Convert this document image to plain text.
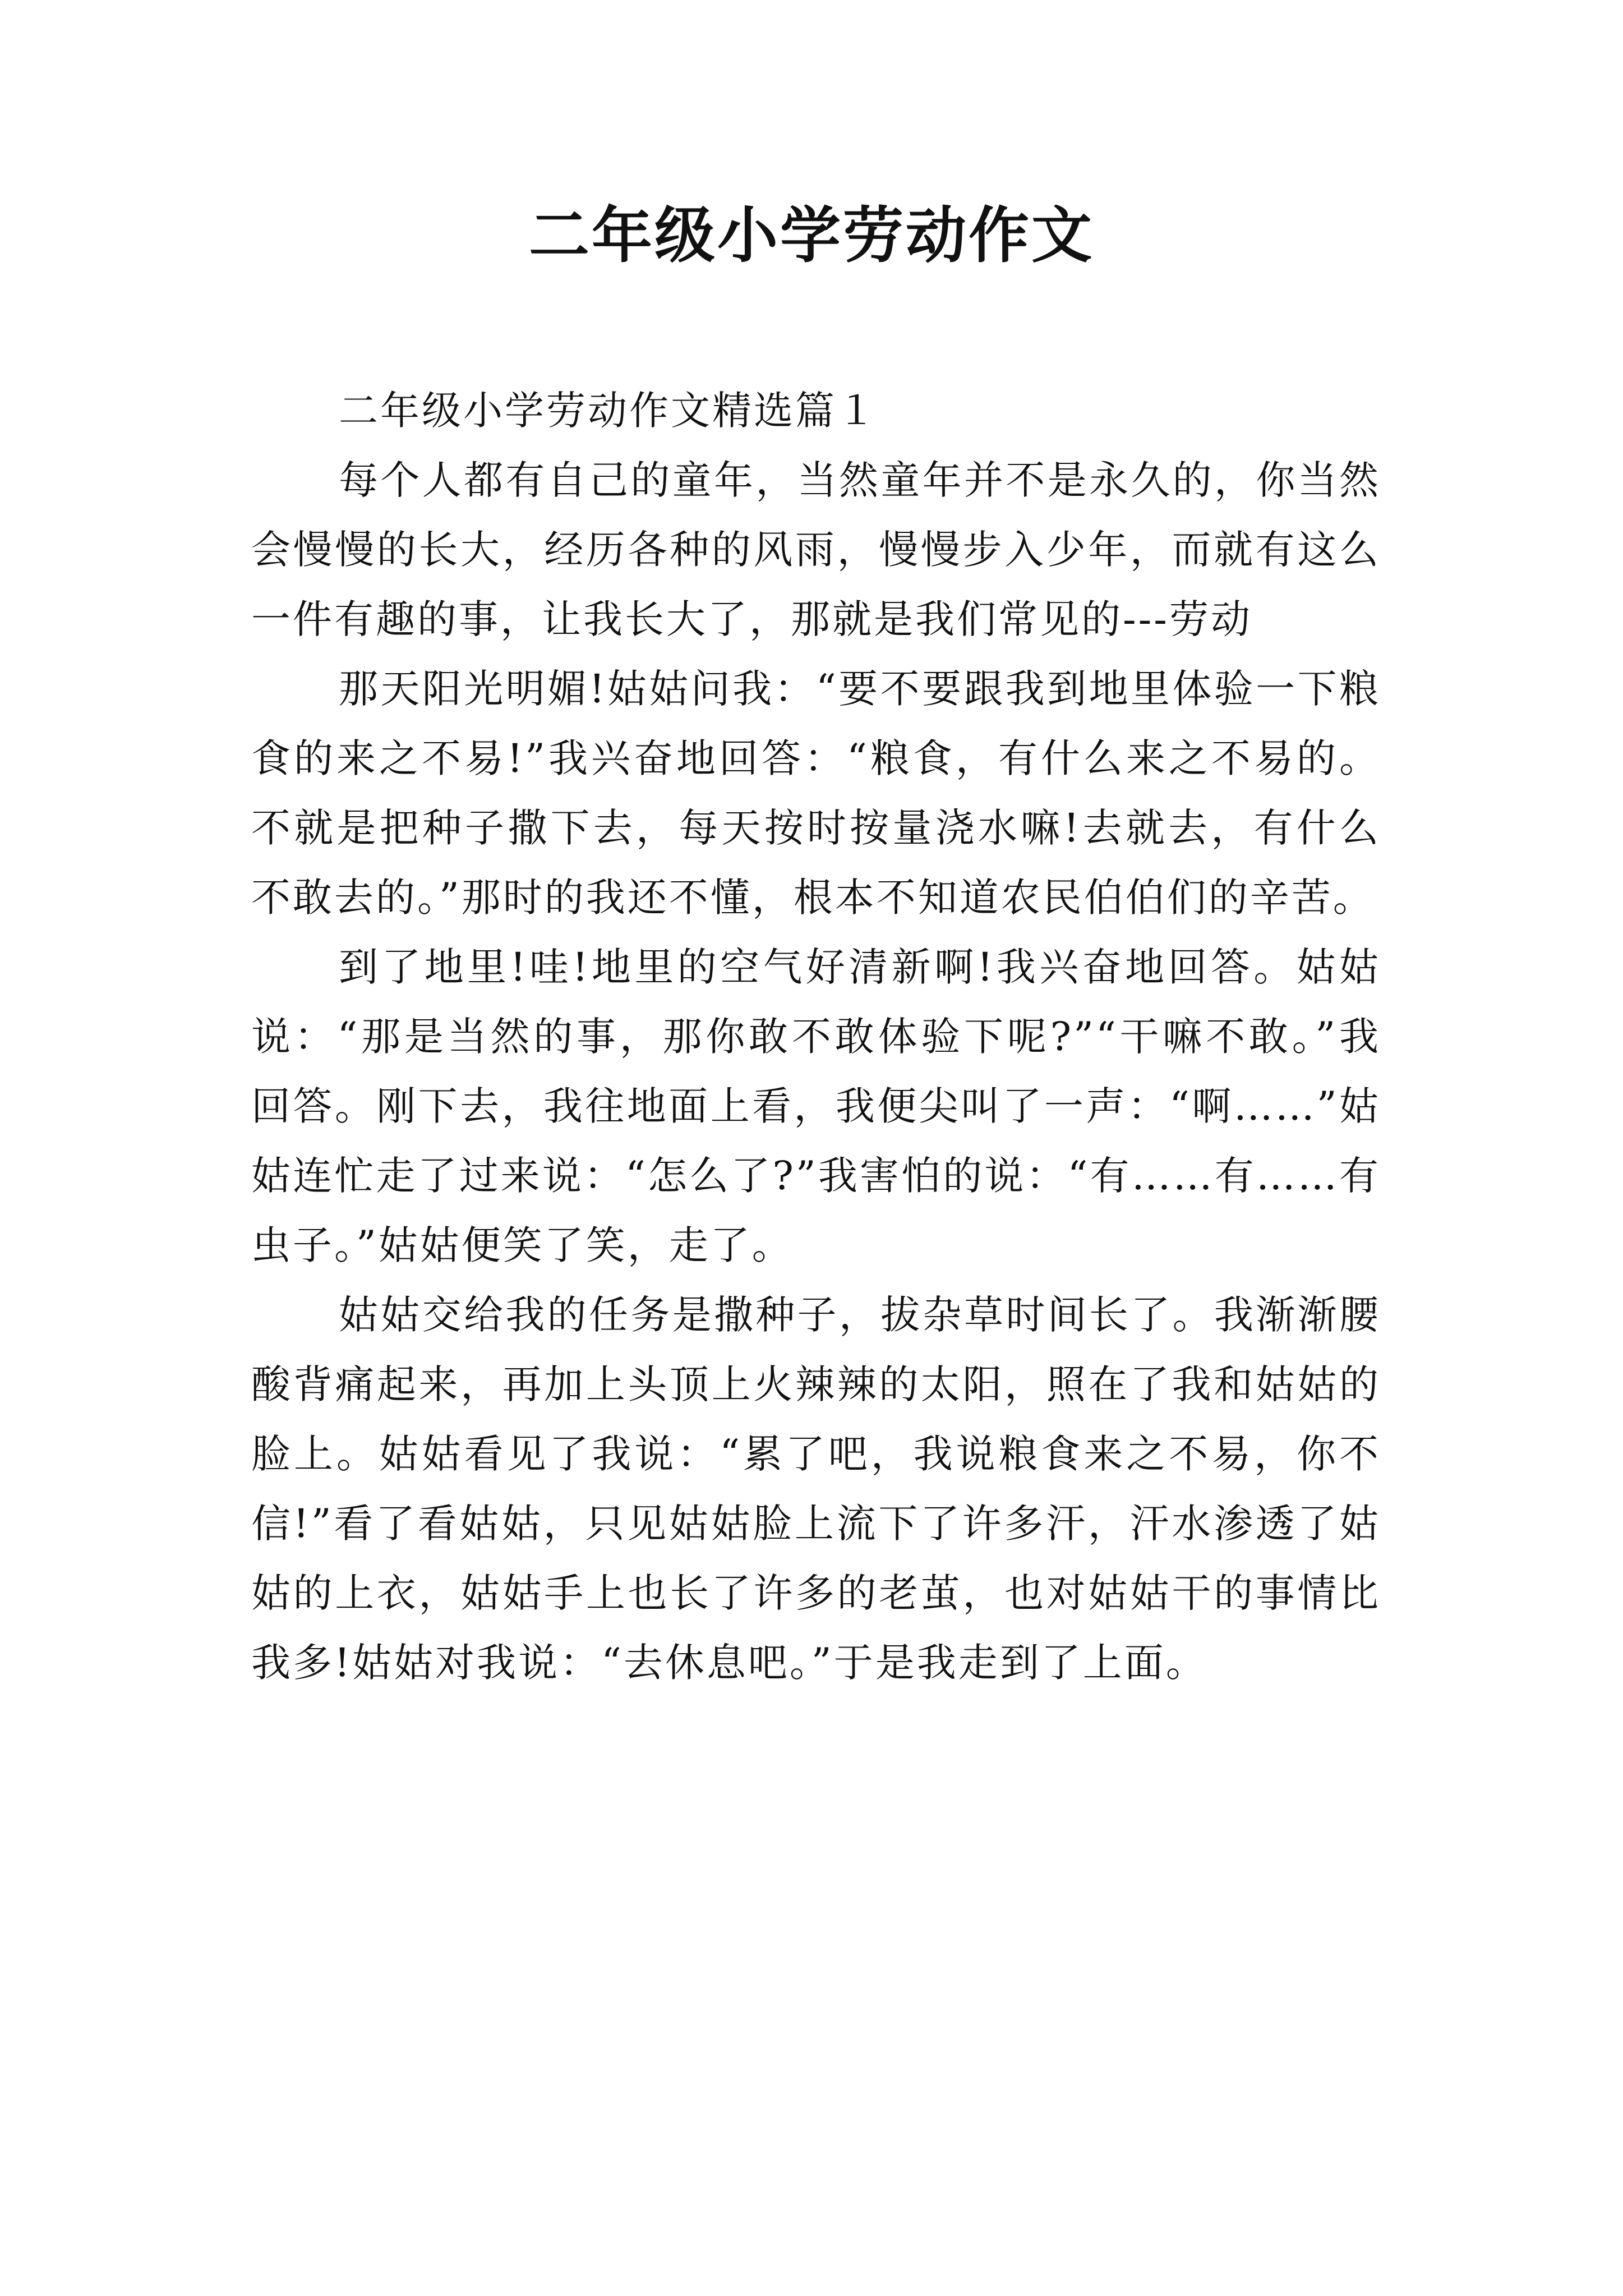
二年级小学劳动作文

二年级小学劳动作文精选篇１

每个人都有自己的童年，当然童年并不是永久的，你当然会慢慢的长大，经历各种的风雨，慢慢步入少年，而就有这么一件有趣的事，让我长大了，那就是我们常见的---劳动

那天阳光明媚!姑姑问我：“要不要跟我到地里体验一下粮食的来之不易!”我兴奋地回答：“粮食，有什么来之不易的。不就是把种子撒下去，每天按时按量浇水嘛!去就去，有什么不敢去的。”那时的我还不懂，根本不知道农民伯伯们的辛苦。

到了地里!哇!地里的空气好清新啊!我兴奋地回答。姑姑说：“那是当然的事，那你敢不敢体验下呢?”“干嘛不敢。”我回答。刚下去，我往地面上看，我便尖叫了一声：“啊……”姑姑连忙走了过来说：“怎么了?”我害怕的说：“有……有……有虫子。”姑姑便笑了笑，走了。

姑姑交给我的任务是撒种子，拔杂草时间长了。我渐渐腰酸背痛起来，再加上头顶上火辣辣的太阳，照在了我和姑姑的脸上。姑姑看见了我说：“累了吧，我说粮食来之不易，你不信!”看了看姑姑，只见姑姑脸上流下了许多汗，汗水渗透了姑姑的上衣，姑姑手上也长了许多的老茧，也对姑姑干的事情比我多!姑姑对我说：“去休息吧。”于是我走到了上面。
